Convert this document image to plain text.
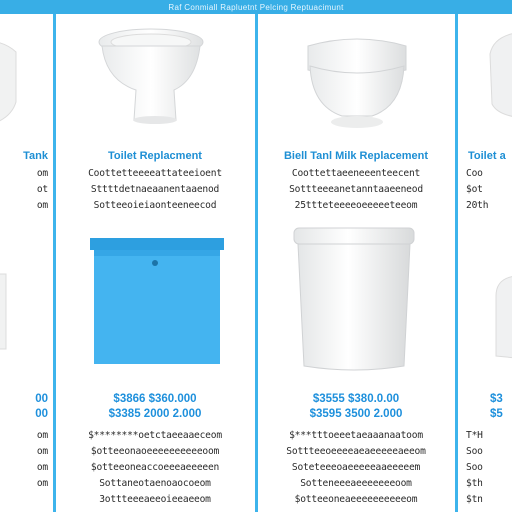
Raf Conmiall Rapluetnt Pelcing Reptuacimunt
Tank
om
ot
om
00
00
om
om
om
om
Toilet Replacment
Coottetteeeeattateeioent
Sttttdetnaeaanentaaenod
Sotteeoieiaonteeneecod
$3866 $360.000
$3385 2000 2.000
$********oetctaeeaaeceom
$otteeonaoeeeeeeeeeeoom
$otteeoneaccoeeeaeeeeen
Sottaneotaenoaocoeom
3ottteeeaeeoieeaeeom
Biell Tanl Milk Replacement
Coottettaeeneeenteecent
Sottteeeanetanntaaeeneod
25ttteteeeeoeeeeeteeom
$3555 $380.0.00
$3595 3500 2.000
$***tttoeeetaeaaanaatoom
Sottteeoeeeeaeaeeeeeaeeom
Soteteeeoaeeeeeaaeeeeem
Sotteneeeaeeeeeeeoom
$otteeoneaeeeeeeeeeeom
Toilet a
Coo
$ot
20th
$3
$5
T*H
Soo
Soo
$th
$tn
